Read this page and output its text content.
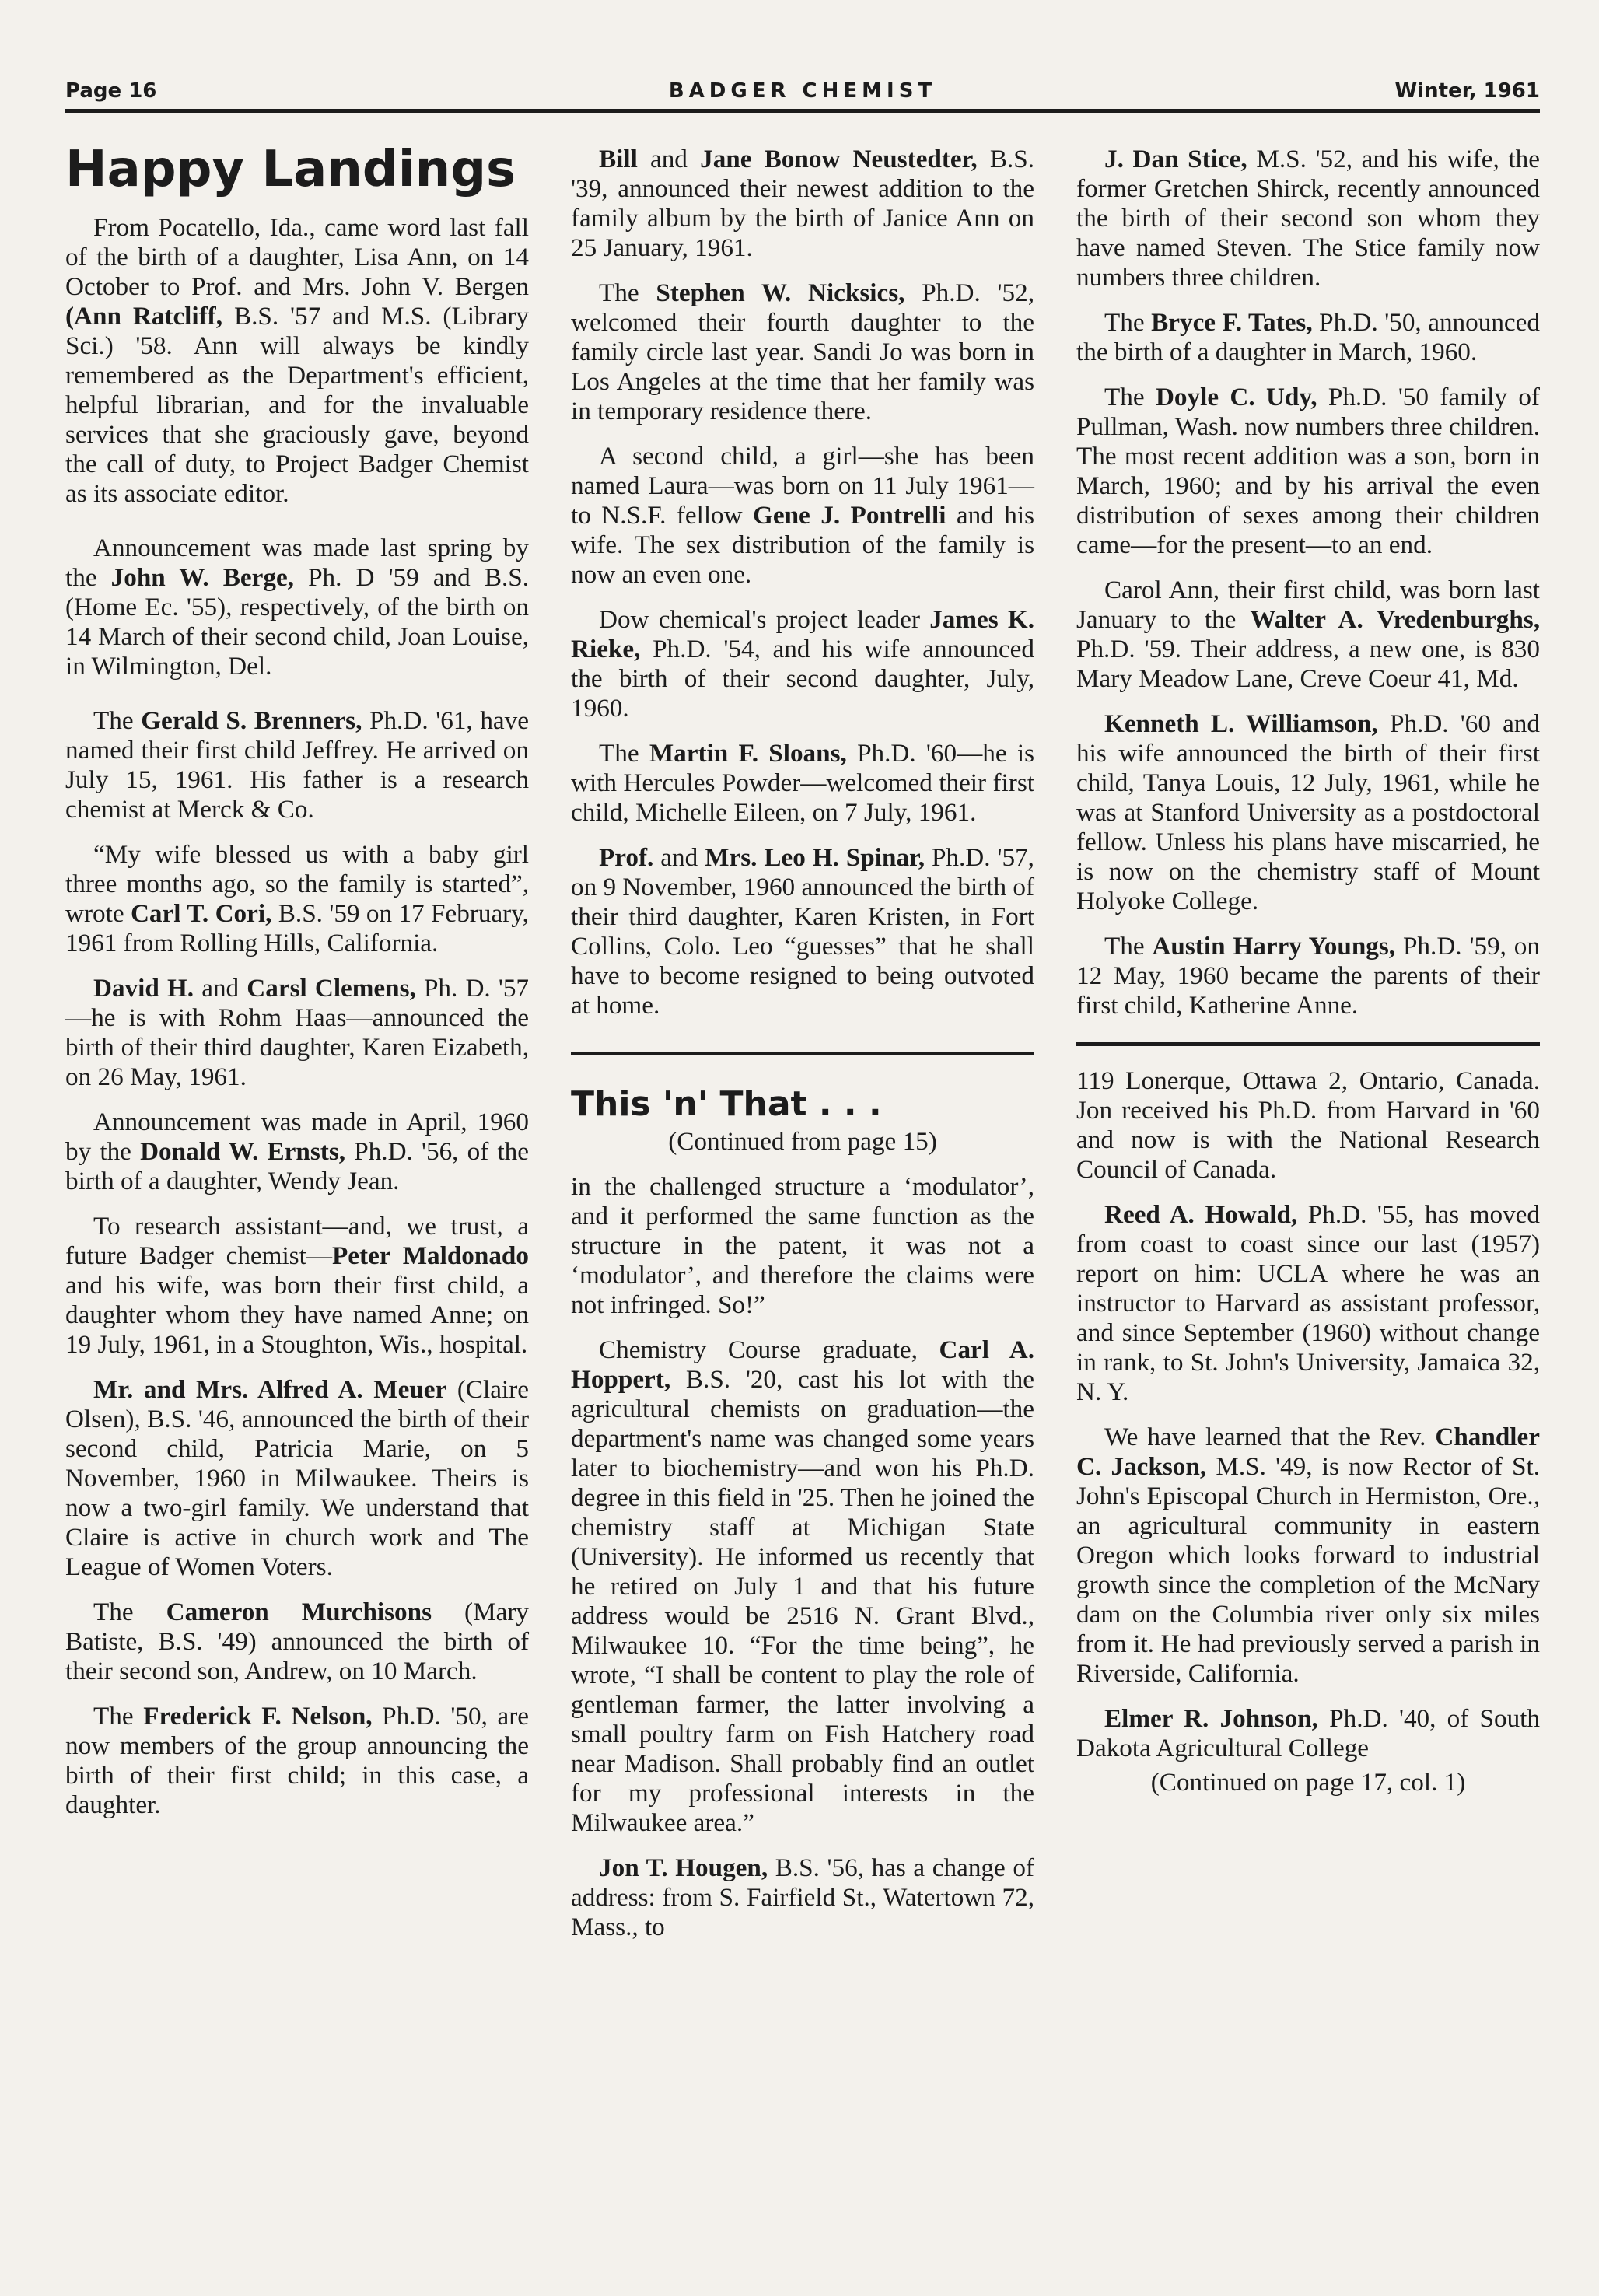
Page 16	BADGER CHEMIST	Winter, 1961
Happy Landings

From Pocatello, Ida., came word last fall of the birth of a daughter, Lisa Ann, on 14 October to Prof. and Mrs. John V. Bergen (Ann Ratcliff, B.S. '57 and M.S. (Library Sci.) '58. Ann will always be kindly remembered as the Department's efficient, helpful librarian, and for the invaluable services that she graciously gave, beyond the call of duty, to Project Badger Chemist as its associate editor.

Announcement was made last spring by the John W. Berge, Ph. D '59 and B.S. (Home Ec. '55), respectively, of the birth on 14 March of their second child, Joan Louise, in Wilmington, Del.

The Gerald S. Brenners, Ph.D. '61, have named their first child Jeffrey. He arrived on July 15, 1961. His father is a research chemist at Merck & Co.

“My wife blessed us with a baby girl three months ago, so the family is started”, wrote Carl T. Cori, B.S. '59 on 17 February, 1961 from Rolling Hills, California.

David H. and Carsl Clemens, Ph. D. '57—he is with Rohm Haas—announced the birth of their third daughter, Karen Eizabeth, on 26 May, 1961.

Announcement was made in April, 1960 by the Donald W. Ernsts, Ph.D. '56, of the birth of a daughter, Wendy Jean.

To research assistant—and, we trust, a future Badger chemist—Peter Maldonado and his wife, was born their first child, a daughter whom they have named Anne; on 19 July, 1961, in a Stoughton, Wis., hospital.

Mr. and Mrs. Alfred A. Meuer (Claire Olsen), B.S. '46, announced the birth of their second child, Patricia Marie, on 5 November, 1960 in Milwaukee. Theirs is now a two-girl family. We understand that Claire is active in church work and The League of Women Voters.

The Cameron Murchisons (Mary Batiste, B.S. '49) announced the birth of their second son, Andrew, on 10 March.

The Frederick F. Nelson, Ph.D. '50, are now members of the group announcing the birth of their first child; in this case, a daughter.

Bill and Jane Bonow Neustedter, B.S. '39, announced their newest addition to the family album by the birth of Janice Ann on 25 January, 1961.

The Stephen W. Nicksics, Ph.D. '52, welcomed their fourth daughter to the family circle last year. Sandi Jo was born in Los Angeles at the time that her family was in temporary residence there.

A second child, a girl—she has been named Laura—was born on 11 July 1961—to N.S.F. fellow Gene J. Pontrelli and his wife. The sex distribution of the family is now an even one.

Dow chemical's project leader James K. Rieke, Ph.D. '54, and his wife announced the birth of their second daughter, July, 1960.

The Martin F. Sloans, Ph.D. '60—he is with Hercules Powder—welcomed their first child, Michelle Eileen, on 7 July, 1961.

Prof. and Mrs. Leo H. Spinar, Ph.D. '57, on 9 November, 1960 announced the birth of their third daughter, Karen Kristen, in Fort Collins, Colo. Leo “guesses” that he shall have to become resigned to being outvoted at home.

This 'n' That . . .

(Continued from page 15)

in the challenged structure a ‘modulator’, and it performed the same function as the structure in the patent, it was not a ‘modulator’, and therefore the claims were not infringed. So!”

Chemistry Course graduate, Carl A. Hoppert, B.S. '20, cast his lot with the agricultural chemists on graduation—the department's name was changed some years later to biochemistry—and won his Ph.D. degree in this field in '25. Then he joined the chemistry staff at Michigan State (University). He informed us recently that he retired on July 1 and that his future address would be 2516 N. Grant Blvd., Milwaukee 10. “For the time being”, he wrote, “I shall be content to play the role of gentleman farmer, the latter involving a small poultry farm on Fish Hatchery road near Madison. Shall probably find an outlet for my professional interests in the Milwaukee area.”

Jon T. Hougen, B.S. '56, has a change of address: from S. Fairfield St., Watertown 72, Mass., to

J. Dan Stice, M.S. '52, and his wife, the former Gretchen Shirck, recently announced the birth of their second son whom they have named Steven. The Stice family now numbers three children.

The Bryce F. Tates, Ph.D. '50, announced the birth of a daughter in March, 1960.

The Doyle C. Udy, Ph.D. '50 family of Pullman, Wash. now numbers three children. The most recent addition was a son, born in March, 1960; and by his arrival the even distribution of sexes among their children came—for the present—to an end.

Carol Ann, their first child, was born last January to the Walter A. Vredenburghs, Ph.D. '59. Their address, a new one, is 830 Mary Meadow Lane, Creve Coeur 41, Md.

Kenneth L. Williamson, Ph.D. '60 and his wife announced the birth of their first child, Tanya Louis, 12 July, 1961, while he was at Stanford University as a postdoctoral fellow. Unless his plans have miscarried, he is now on the chemistry staff of Mount Holyoke College.

The Austin Harry Youngs, Ph.D. '59, on 12 May, 1960 became the parents of their first child, Katherine Anne.

119 Lonerque, Ottawa 2, Ontario, Canada. Jon received his Ph.D. from Harvard in '60 and now is with the National Research Council of Canada.

Reed A. Howald, Ph.D. '55, has moved from coast to coast since our last (1957) report on him: UCLA where he was an instructor to Harvard as assistant professor, and since September (1960) without change in rank, to St. John's University, Jamaica 32, N. Y.

We have learned that the Rev. Chandler C. Jackson, M.S. '49, is now Rector of St. John's Episcopal Church in Hermiston, Ore., an agricultural community in eastern Oregon which looks forward to industrial growth since the completion of the McNary dam on the Columbia river only six miles from it. He had previously served a parish in Riverside, California.

Elmer R. Johnson, Ph.D. '40, of South Dakota Agricultural College

(Continued on page 17, col. 1)
